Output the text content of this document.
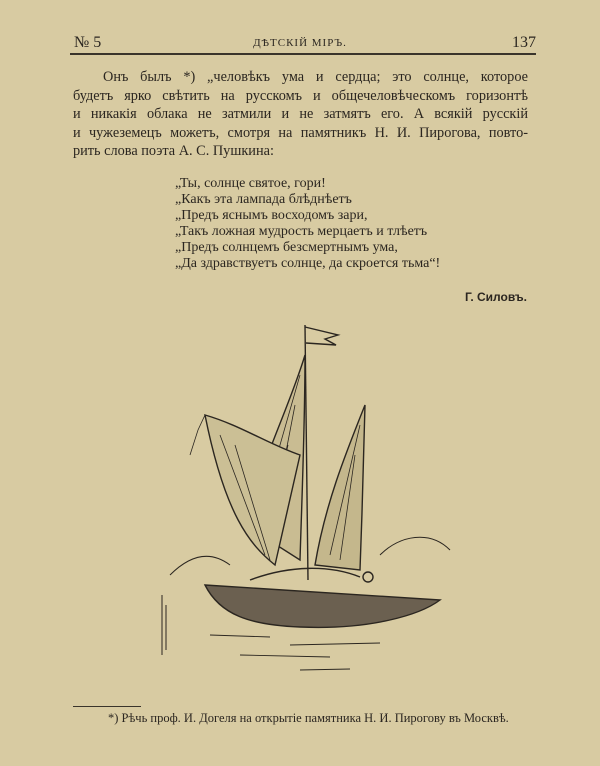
№ 5	ДѢТСКІЙ МІРЪ.	137
Онъ былъ *) „человѣкъ ума и сердца; это солнце, которое
будетъ ярко свѣтить на русскомъ и общечеловѣческомъ горизонтѣ
и никакія облака не затмили и не затмятъ его. А всякій русскій
и чужеземецъ можетъ, смотря на памятникъ Н. И. Пирогова, повто-
рить слова поэта А. С. Пушкина:
„Ты, солнце святое, гори!
„Какъ эта лампада блѣднѣетъ
„Предъ яснымъ восходомъ зари,
„Такъ ложная мудрость мерцаетъ и тлѣетъ
„Предъ солнцемъ безсмертнымъ ума,
„Да здравствуетъ солнце, да скроется тьма“!
Г. Силовъ.
*) Рѣчь проф. И. Догеля на открытіе памятника Н. И. Пирогову въ Москвѣ.
